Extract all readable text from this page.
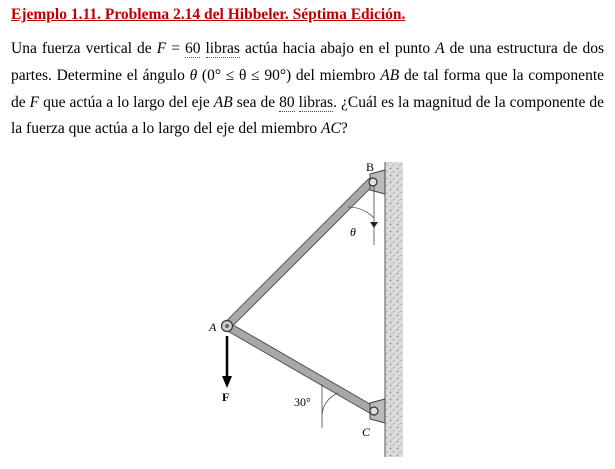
Ejemplo 1.11. Problema 2.14 del Hibbeler. Séptima Edición.
Una fuerza vertical de F = 60 libras actúa hacia abajo en el punto A de una estructura de dos partes. Determine el ángulo θ (0° ≤ θ ≤ 90°) del miembro AB de tal forma que la componente de F que actúa a lo largo del eje AB sea de 80 libras. ¿Cuál es la magnitud de la componente de la fuerza que actúa a lo largo del eje del miembro AC?
B
A
C
F
θ
30°
